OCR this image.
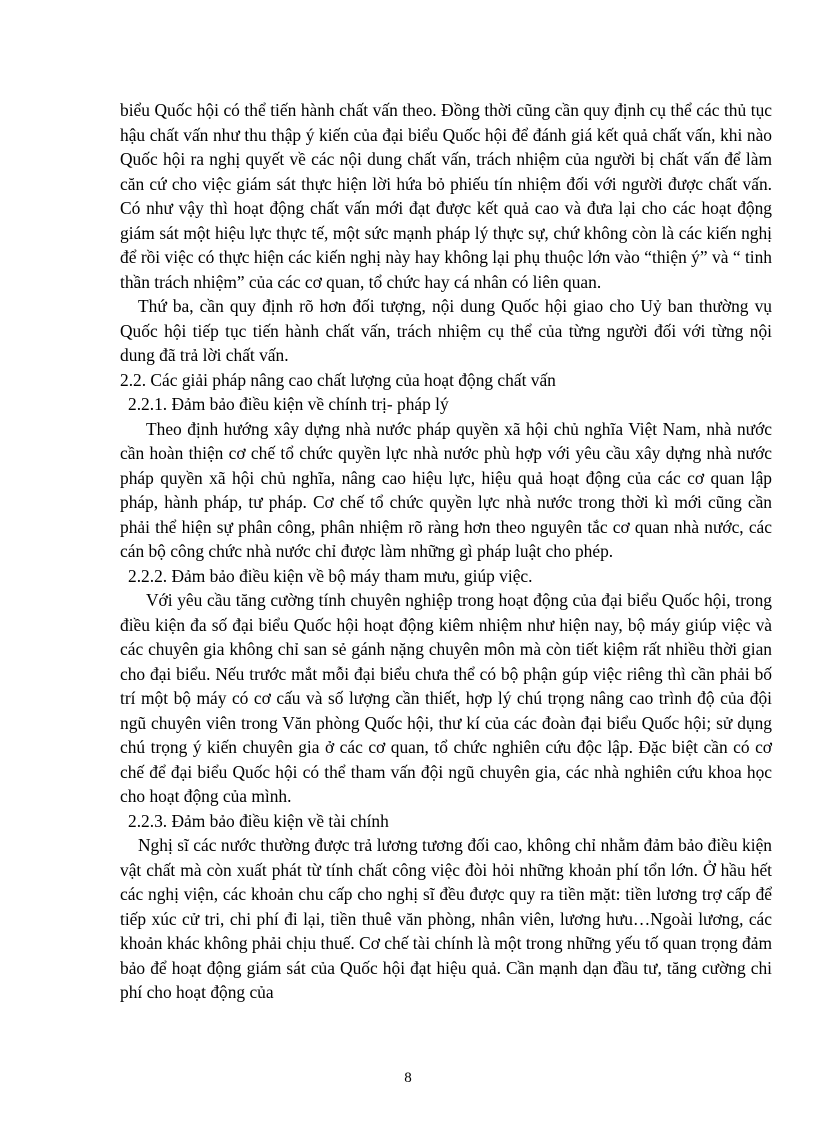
biểu Quốc hội có thể tiến hành chất vấn theo. Đồng thời cũng cần quy định cụ thể các thủ tục hậu chất vấn như thu thập ý kiến của đại biểu Quốc hội để đánh giá kết quả chất vấn, khi nào Quốc hội ra nghị quyết về các nội dung chất vấn, trách nhiệm của người bị chất vấn để làm căn cứ cho việc giám sát thực hiện lời hứa bỏ phiếu tín nhiệm đối với người được chất vấn. Có như vậy thì hoạt động chất vấn mới đạt được kết quả cao và đưa lại cho các hoạt động giám sát một hiệu lực thực tế, một sức mạnh pháp lý thực sự, chứ không còn là các kiến nghị để rồi việc có thực hiện các kiến nghị này hay không lại phụ thuộc lớn vào “thiện ý” và “ tinh thần trách nhiệm” của các cơ quan, tổ chức hay cá nhân có liên quan.

Thứ ba, cần quy định rõ hơn đối tượng, nội dung Quốc hội giao cho Uỷ ban thường vụ Quốc hội tiếp tục tiến hành chất vấn, trách nhiệm cụ thể của từng người đối với từng nội dung đã trả lời chất vấn.

2.2. Các giải pháp nâng cao chất lượng của hoạt động chất vấn

2.2.1. Đảm bảo điều kiện về chính trị- pháp lý

Theo định hướng xây dựng nhà nước pháp quyền xã hội chủ nghĩa Việt Nam, nhà nước cần hoàn thiện cơ chế tổ chức quyền lực nhà nước phù hợp với yêu cầu xây dựng nhà nước pháp quyền xã hội chủ nghĩa, nâng cao hiệu lực, hiệu quả hoạt động của các cơ quan lập pháp, hành pháp, tư pháp. Cơ chế tổ chức quyền lực nhà nước trong thời kì mới cũng cần phải thể hiện sự phân công, phân nhiệm rõ ràng hơn theo nguyên tắc cơ quan nhà nước, các cán bộ công chức nhà nước chỉ được làm những gì pháp luật cho phép.

2.2.2. Đảm bảo điều kiện về bộ máy tham mưu, giúp việc.

Với yêu cầu tăng cường tính chuyên nghiệp trong hoạt động của đại biểu Quốc hội, trong điều kiện đa số đại biểu Quốc hội hoạt động kiêm nhiệm như hiện nay, bộ máy giúp việc và các chuyên gia không chỉ san sẻ gánh nặng chuyên môn mà còn tiết kiệm rất nhiều thời gian cho đại biểu. Nếu trước mắt mỗi đại biểu chưa thể có bộ phận gúp việc riêng thì cần phải bố trí một bộ máy có cơ cấu và số lượng cần thiết, hợp lý chú trọng nâng cao trình độ của đội ngũ chuyên viên trong Văn phòng Quốc hội, thư kí của các đoàn đại biểu Quốc hội; sử dụng chú trọng ý kiến chuyên gia ở các cơ quan, tổ chức nghiên cứu độc lập. Đặc biệt cần có cơ chế để đại biểu Quốc hội có thể tham vấn đội ngũ chuyên gia, các nhà nghiên cứu khoa học cho hoạt động của mình.

2.2.3. Đảm bảo điều kiện về tài chính

Nghị sĩ các nước thường được trả lương tương đối cao, không chỉ nhằm đảm bảo điều kiện vật chất mà còn xuất phát từ tính chất công việc đòi hỏi những khoản phí tổn lớn. Ở hầu hết các nghị viện, các khoản chu cấp cho nghị sĩ đều được quy ra tiền mặt: tiền lương trợ cấp để tiếp xúc cử tri, chi phí đi lại, tiền thuê văn phòng, nhân viên, lương hưu…Ngoài lương, các khoản khác không phải chịu thuế. Cơ chế tài chính là một trong những yếu tố quan trọng đảm bảo để hoạt động giám sát của Quốc hội đạt hiệu quả. Cần mạnh dạn đầu tư, tăng cường chi phí cho hoạt động của

8
